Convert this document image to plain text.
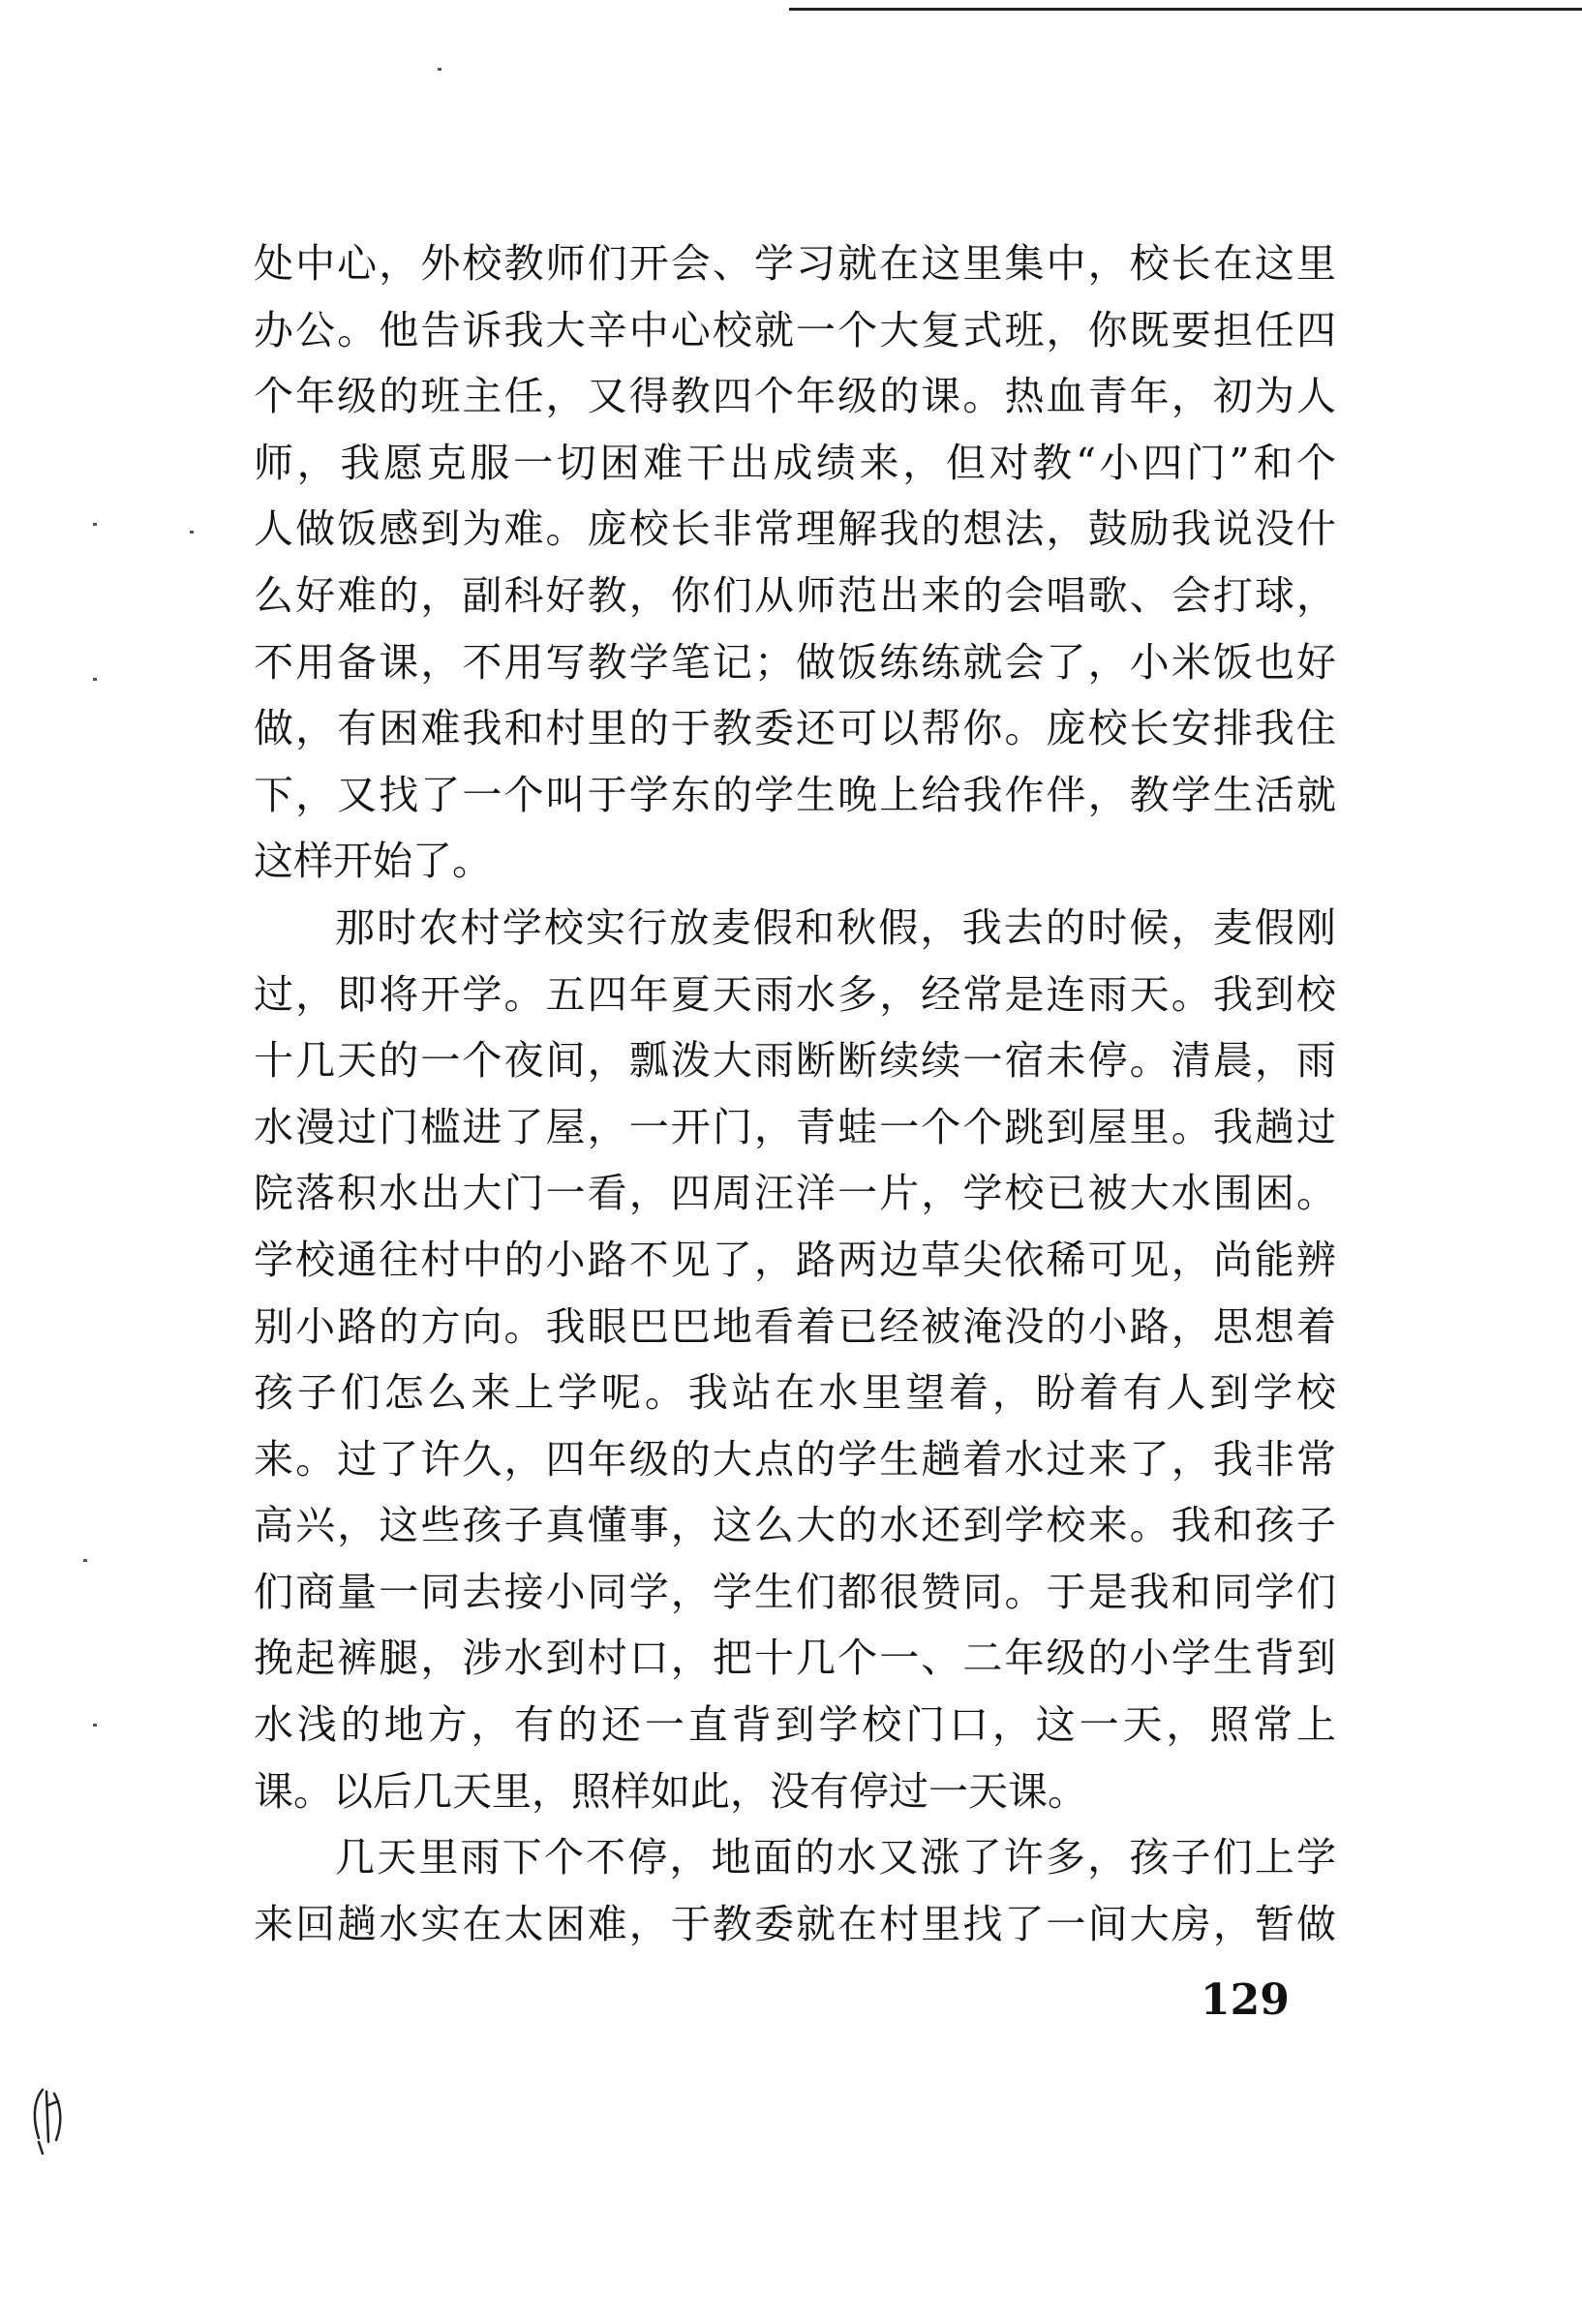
处中心，外校教师们开会、学习就在这里集中，校长在这里
办公。他告诉我大辛中心校就一个大复式班，你既要担任四
个年级的班主任，又得教四个年级的课。热血青年，初为人
师，我愿克服一切困难干出成绩来，但对教“小四门”和个
人做饭感到为难。庞校长非常理解我的想法，鼓励我说没什
么好难的，副科好教，你们从师范出来的会唱歌、会打球，
不用备课，不用写教学笔记；做饭练练就会了，小米饭也好
做，有困难我和村里的于教委还可以帮你。庞校长安排我住
下，又找了一个叫于学东的学生晚上给我作伴，教学生活就
这样开始了。
那时农村学校实行放麦假和秋假，我去的时候，麦假刚
过，即将开学。五四年夏天雨水多，经常是连雨天。我到校
十几天的一个夜间，瓢泼大雨断断续续一宿未停。清晨，雨
水漫过门槛进了屋，一开门，青蛙一个个跳到屋里。我趟过
院落积水出大门一看，四周汪洋一片，学校已被大水围困。
学校通往村中的小路不见了，路两边草尖依稀可见，尚能辨
别小路的方向。我眼巴巴地看着已经被淹没的小路，思想着
孩子们怎么来上学呢。我站在水里望着，盼着有人到学校
来。过了许久，四年级的大点的学生趟着水过来了，我非常
高兴，这些孩子真懂事，这么大的水还到学校来。我和孩子
们商量一同去接小同学，学生们都很赞同。于是我和同学们
挽起裤腿，涉水到村口，把十几个一、二年级的小学生背到
水浅的地方，有的还一直背到学校门口，这一天，照常上
课。以后几天里，照样如此，没有停过一天课。
几天里雨下个不停，地面的水又涨了许多，孩子们上学
来回趟水实在太困难，于教委就在村里找了一间大房，暂做
129
